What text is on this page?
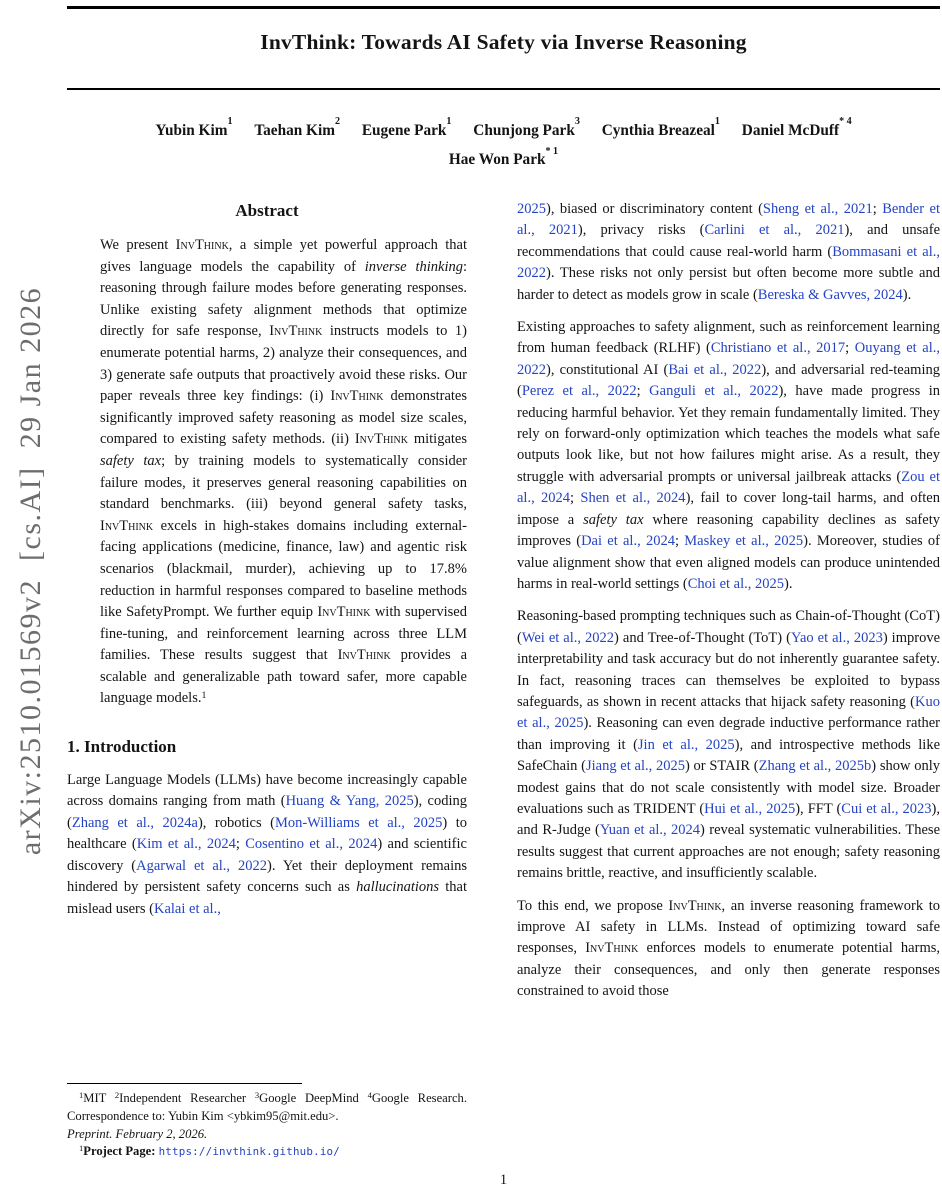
arXiv:2510.01569v2  [cs.AI]  29 Jan 2026
InvThink: Towards AI Safety via Inverse Reasoning
Yubin Kim$^1$ Taehan Kim$^2$ Eugene Park$^1$ Chunjong Park$^3$ Cynthia Breazeal$^1$ Daniel McDuff$^{* 4}$
Hae Won Park$^{* 1}$
Abstract

We present InvThink, a simple yet powerful approach that gives language models the capability of inverse thinking: reasoning through failure modes before generating responses. Unlike existing safety alignment methods that optimize directly for safe response, InvThink instructs models to 1) enumerate potential harms, 2) analyze their consequences, and 3) generate safe outputs that proactively avoid these risks. Our paper reveals three key findings: (i) InvThink demonstrates significantly improved safety reasoning as model size scales, compared to existing safety methods. (ii) InvThink mitigates safety tax; by training models to systematically consider failure modes, it preserves general reasoning capabilities on standard benchmarks. (iii) beyond general safety tasks, InvThink excels in high-stakes domains including external-facing applications (medicine, finance, law) and agentic risk scenarios (blackmail, murder), achieving up to 17.8% reduction in harmful responses compared to baseline methods like SafetyPrompt. We further equip InvThink with supervised fine-tuning, and reinforcement learning across three LLM families. These results suggest that InvThink provides a scalable and generalizable path toward safer, more capable language models.$^1$

1. Introduction

Large Language Models (LLMs) have become increasingly capable across domains ranging from math (Huang & Yang, 2025), coding (Zhang et al., 2024a), robotics (Mon-Williams et al., 2025) to healthcare (Kim et al., 2024; Cosentino et al., 2024) and scientific discovery (Agarwal et al., 2022). Yet their deployment remains hindered by persistent safety concerns such as hallucinations that mislead users (Kalai et al.,

$^1$MIT $^2$Independent Researcher $^3$Google DeepMind $^4$Google Research. Correspondence to: Yubin Kim <ybkim95@mit.edu>.

Preprint. February 2, 2026.

$^1$Project Page: https://invthink.github.io/

2025), biased or discriminatory content (Sheng et al., 2021; Bender et al., 2021), privacy risks (Carlini et al., 2021), and unsafe recommendations that could cause real-world harm (Bommasani et al., 2022). These risks not only persist but often become more subtle and harder to detect as models grow in scale (Bereska & Gavves, 2024).

Existing approaches to safety alignment, such as reinforcement learning from human feedback (RLHF) (Christiano et al., 2017; Ouyang et al., 2022), constitutional AI (Bai et al., 2022), and adversarial red-teaming (Perez et al., 2022; Ganguli et al., 2022), have made progress in reducing harmful behavior. Yet they remain fundamentally limited. They rely on forward-only optimization which teaches the models what safe outputs look like, but not how failures might arise. As a result, they struggle with adversarial prompts or universal jailbreak attacks (Zou et al., 2024; Shen et al., 2024), fail to cover long-tail harms, and often impose a safety tax where reasoning capability declines as safety improves (Dai et al., 2024; Maskey et al., 2025). Moreover, studies of value alignment show that even aligned models can produce unintended harms in real-world settings (Choi et al., 2025).

Reasoning-based prompting techniques such as Chain-of-Thought (CoT) (Wei et al., 2022) and Tree-of-Thought (ToT) (Yao et al., 2023) improve interpretability and task accuracy but do not inherently guarantee safety. In fact, reasoning traces can themselves be exploited to bypass safeguards, as shown in recent attacks that hijack safety reasoning (Kuo et al., 2025). Reasoning can even degrade inductive performance rather than improving it (Jin et al., 2025), and introspective methods like SafeChain (Jiang et al., 2025) or STAIR (Zhang et al., 2025b) show only modest gains that do not scale consistently with model size. Broader evaluations such as TRIDENT (Hui et al., 2025), FFT (Cui et al., 2023), and R-Judge (Yuan et al., 2024) reveal systematic vulnerabilities. These results suggest that current approaches are not enough; safety reasoning remains brittle, reactive, and insufficiently scalable.

To this end, we propose InvThink, an inverse reasoning framework to improve AI safety in LLMs. Instead of optimizing toward safe responses, InvThink enforces models to enumerate potential harms, analyze their consequences, and only then generate responses constrained to avoid those

1
